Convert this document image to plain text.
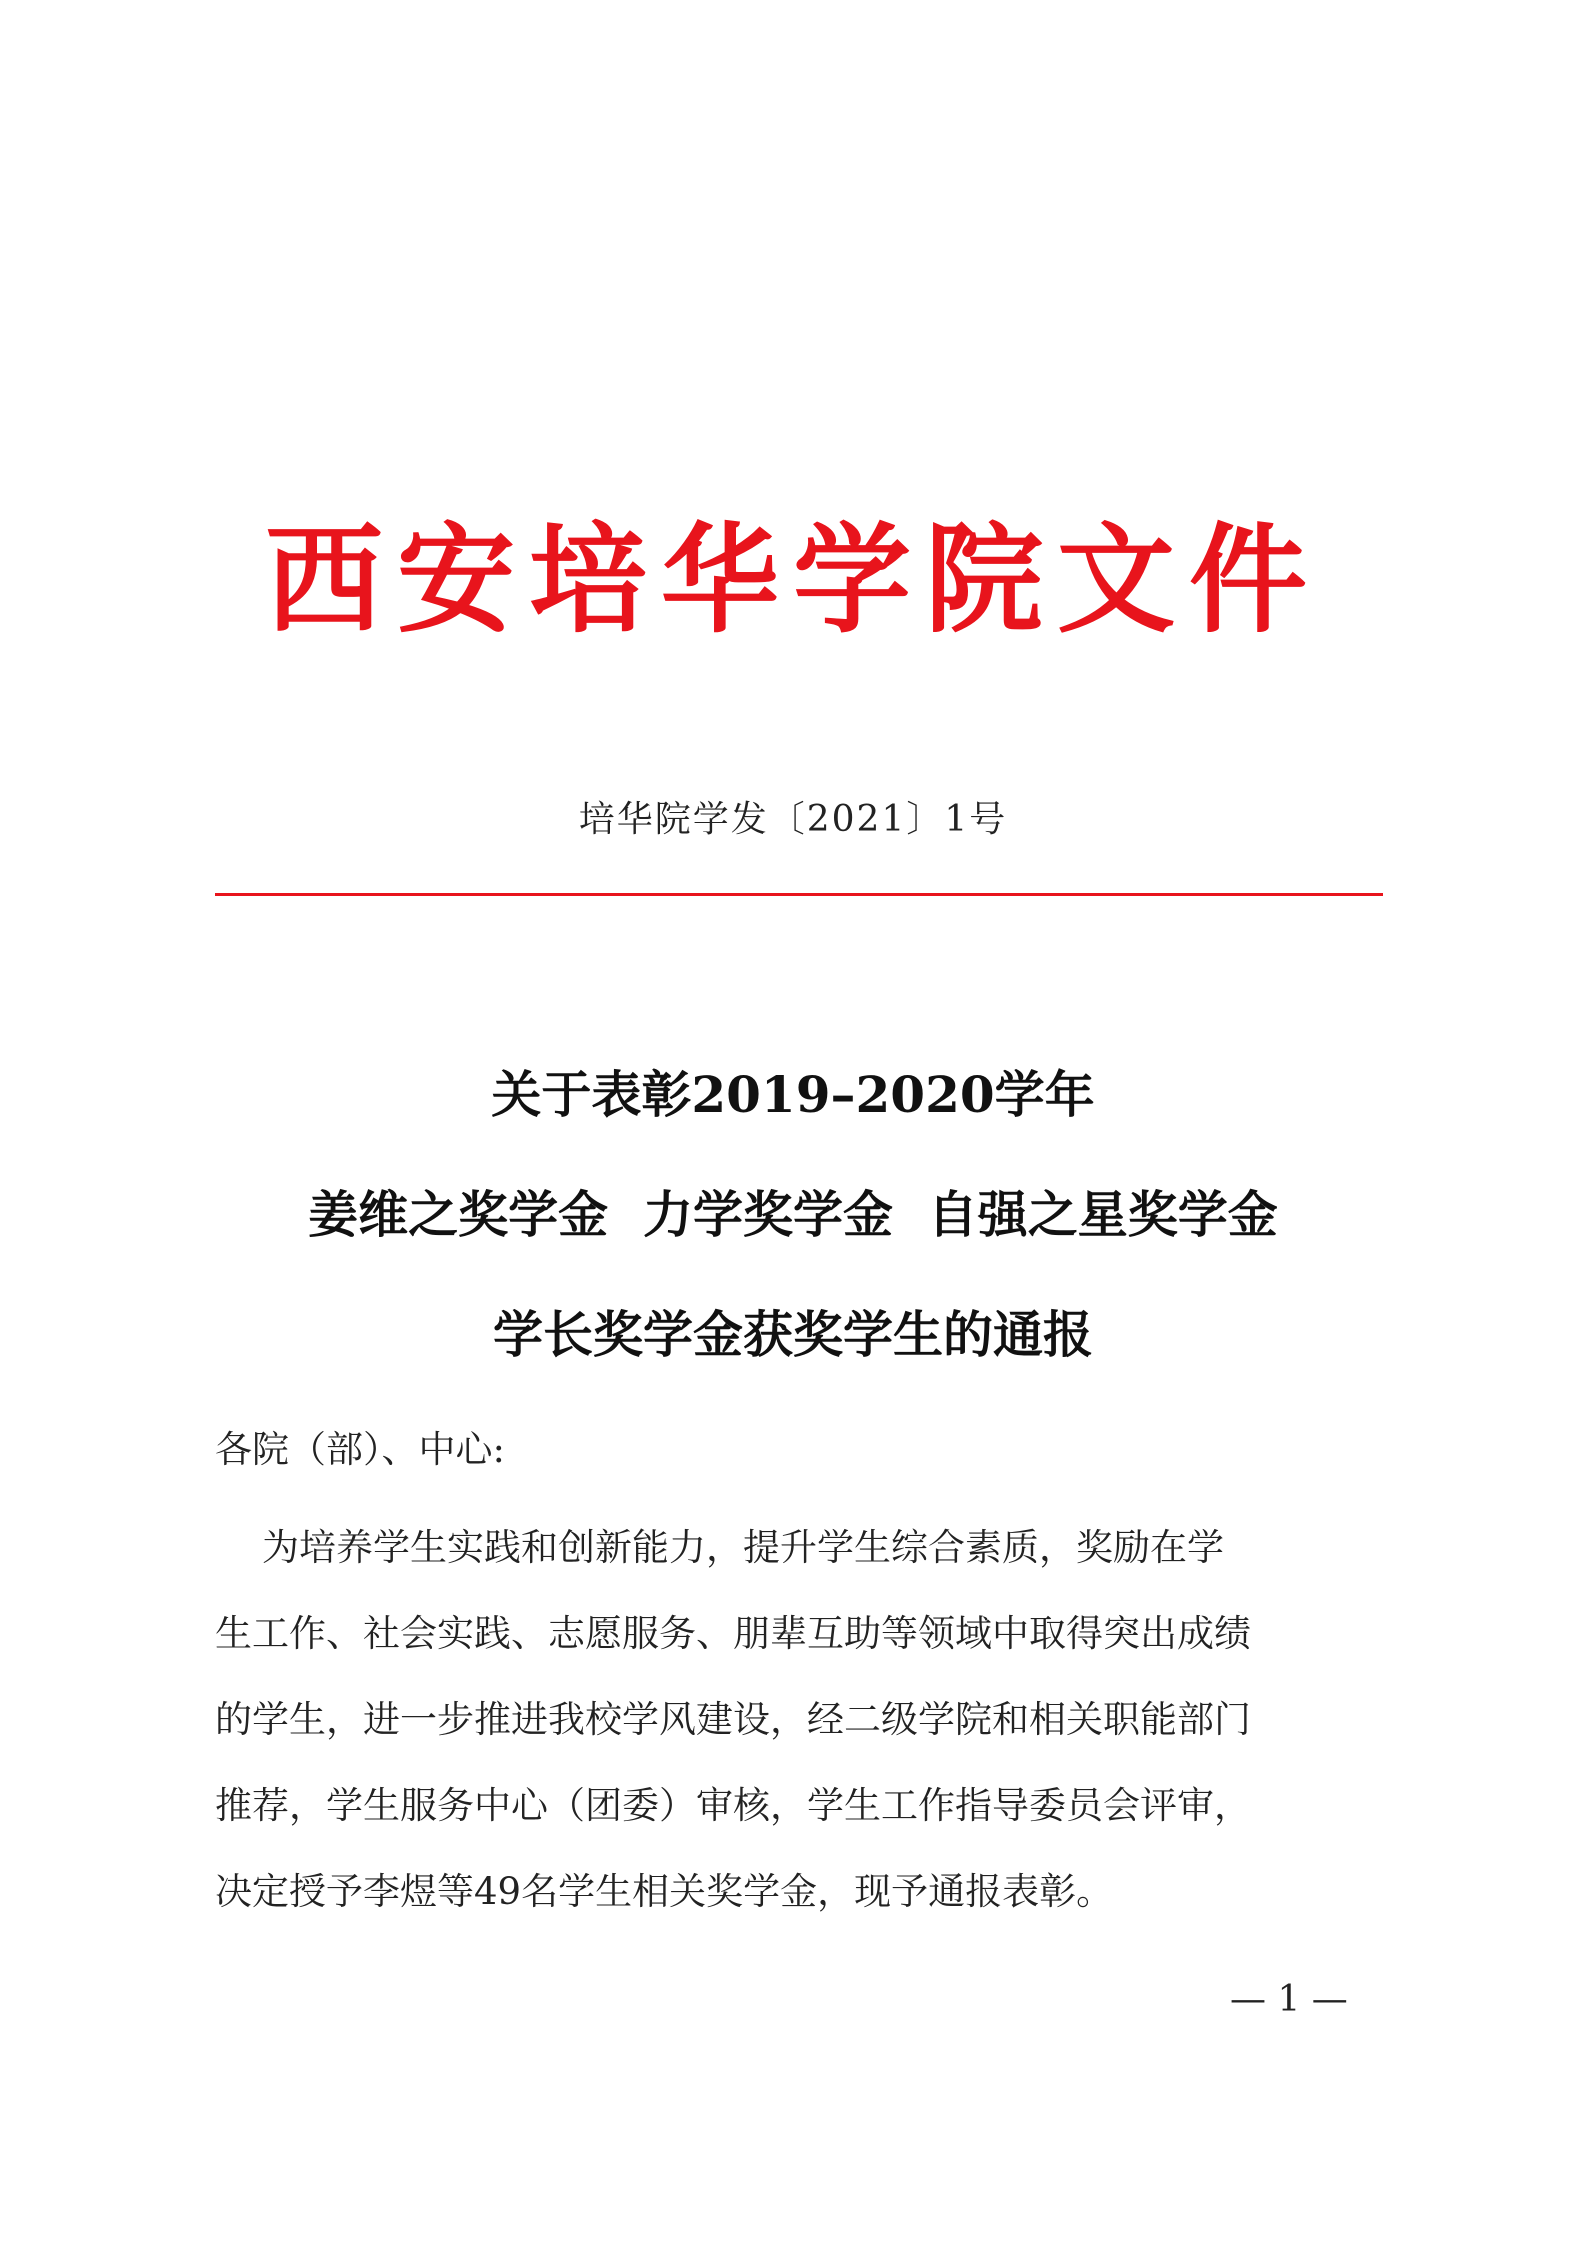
西安培华学院文件
培华院学发〔2021〕1号
关于表彰2019–2020学年
姜维之奖学金  力学奖学金  自强之星奖学金
学长奖学金获奖学生的通报
各院（部）、中心:
为培养学生实践和创新能力，提升学生综合素质，奖励在学
生工作、社会实践、志愿服务、朋辈互助等领域中取得突出成绩
的学生，进一步推进我校学风建设，经二级学院和相关职能部门
推荐，学生服务中心（团委）审核，学生工作指导委员会评审，
决定授予李煜等49名学生相关奖学金，现予通报表彰。
— 1 —
